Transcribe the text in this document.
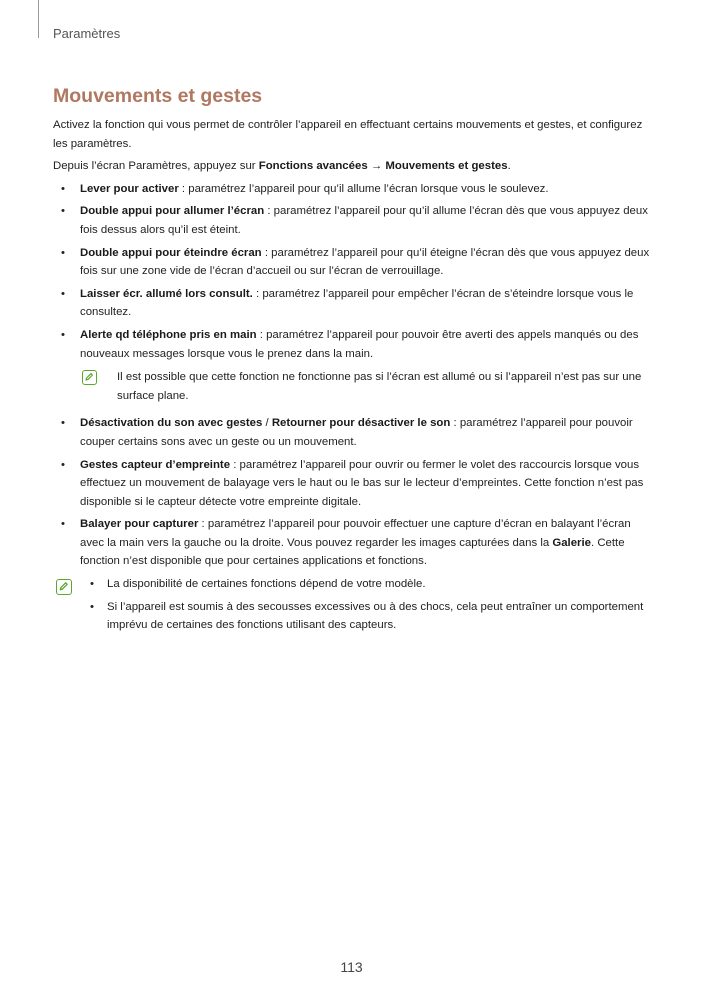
Paramètres
Mouvements et gestes

Activez la fonction qui vous permet de contrôler l’appareil en effectuant certains mouvements et gestes, et configurez les paramètres.

Depuis l’écran Paramètres, appuyez sur Fonctions avancées → Mouvements et gestes.

• Lever pour activer : paramétrez l’appareil pour qu’il allume l’écran lorsque vous le soulevez.
• Double appui pour allumer l’écran : paramétrez l’appareil pour qu’il allume l’écran dès que vous appuyez deux fois dessus alors qu’il est éteint.
• Double appui pour éteindre écran : paramétrez l’appareil pour qu’il éteigne l’écran dès que vous appuyez deux fois sur une zone vide de l’écran d’accueil ou sur l’écran de verrouillage.
• Laisser écr. allumé lors consult. : paramétrez l’appareil pour empêcher l’écran de s’éteindre lorsque vous le consultez.
• Alerte qd téléphone pris en main : paramétrez l’appareil pour pouvoir être averti des appels manqués ou des nouveaux messages lorsque vous le prenez dans la main.
Il est possible que cette fonction ne fonctionne pas si l’écran est allumé ou si l’appareil n’est pas sur une surface plane.
• Désactivation du son avec gestes / Retourner pour désactiver le son : paramétrez l’appareil pour pouvoir couper certains sons avec un geste ou un mouvement.
• Gestes capteur d’empreinte : paramétrez l’appareil pour ouvrir ou fermer le volet des raccourcis lorsque vous effectuez un mouvement de balayage vers le haut ou le bas sur le lecteur d’empreintes. Cette fonction n’est pas disponible si le capteur détecte votre empreinte digitale.
• Balayer pour capturer : paramétrez l’appareil pour pouvoir effectuer une capture d’écran en balayant l’écran avec la main vers la gauche ou la droite. Vous pouvez regarder les images capturées dans la Galerie. Cette fonction n’est disponible que pour certaines applications et fonctions.
• La disponibilité de certaines fonctions dépend de votre modèle.
• Si l’appareil est soumis à des secousses excessives ou à des chocs, cela peut entraîner un comportement imprévu de certaines des fonctions utilisant des capteurs.
113
